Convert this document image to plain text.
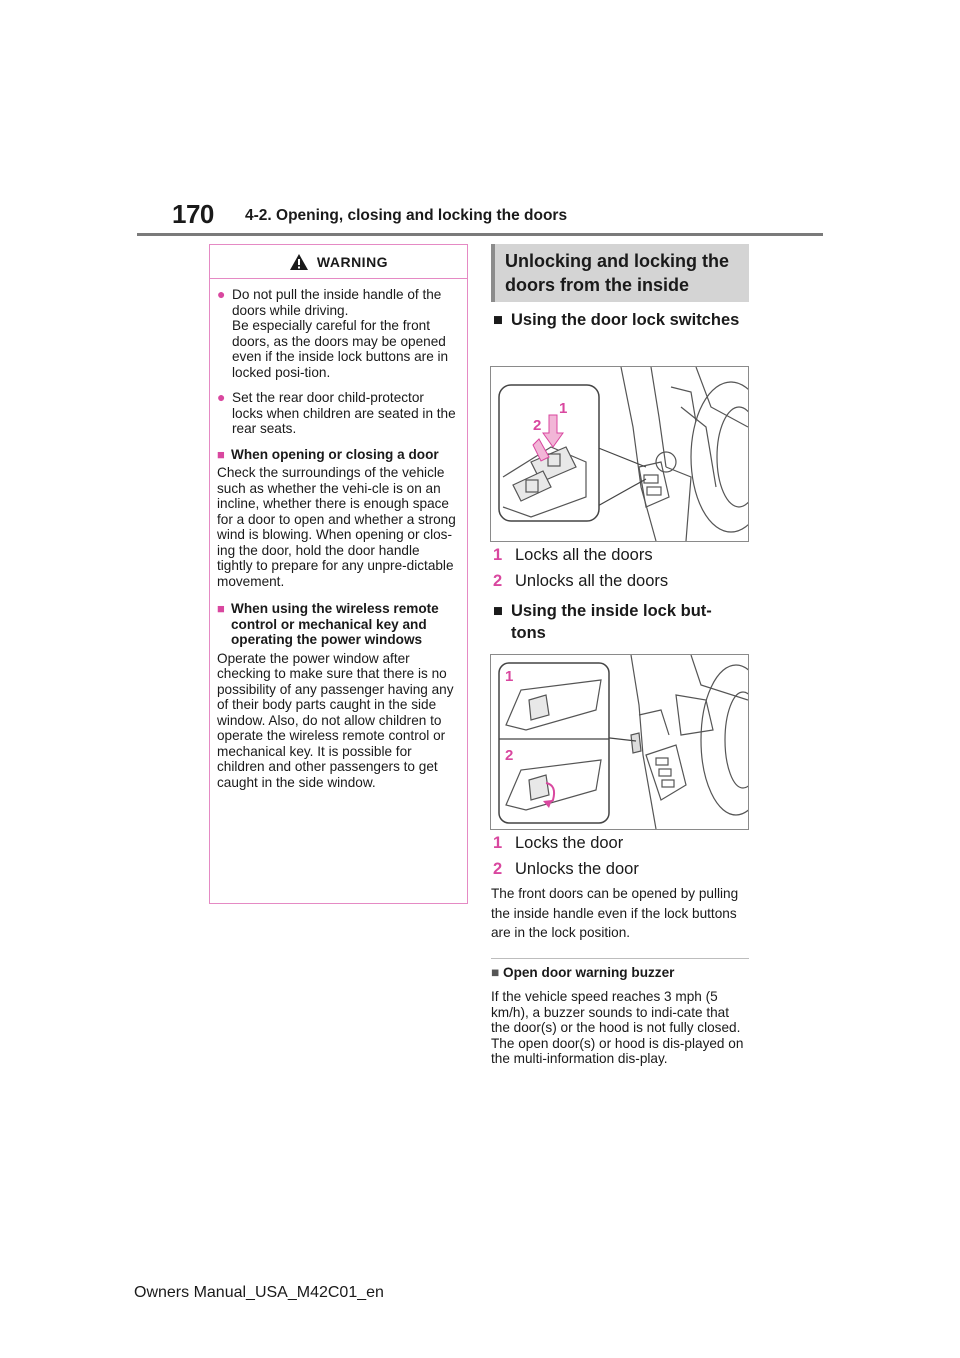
170 4-2. Opening, closing and locking the doors
WARNING
● Do not pull the inside handle of the doors while driving.
Be especially careful for the front doors, as the doors may be opened even if the inside lock buttons are in locked posi-tion.
● Set the rear door child-protector locks when children are seated in the rear seats.
■ When opening or closing a door
Check the surroundings of the vehicle such as whether the vehi-cle is on an incline, whether there is enough space for a door to open and whether a strong wind is blowing. When opening or clos-ing the door, hold the door handle tightly to prepare for any unpre-dictable movement.
■ When using the wireless remote control or mechanical key and operating the power windows
Operate the power window after checking to make sure that there is no possibility of any passenger having any of their body parts caught in the side window. Also, do not allow children to operate the wireless remote control or mechanical key. It is possible for children and other passengers to get caught in the side window.
Unlocking and locking the doors from the inside
■ Using the door lock switches
1
2
1 Locks all the doors
2 Unlocks all the doors
■ Using the inside lock but-tons
1
2
1 Locks the door
2 Unlocks the door
The front doors can be opened by pulling the inside handle even if the lock buttons are in the lock position.
■ Open door warning buzzer
If the vehicle speed reaches 3 mph (5 km/h), a buzzer sounds to indi-cate that the door(s) or the hood is not fully closed.
The open door(s) or hood is dis-played on the multi-information dis-play.
Owners Manual_USA_M42C01_en
